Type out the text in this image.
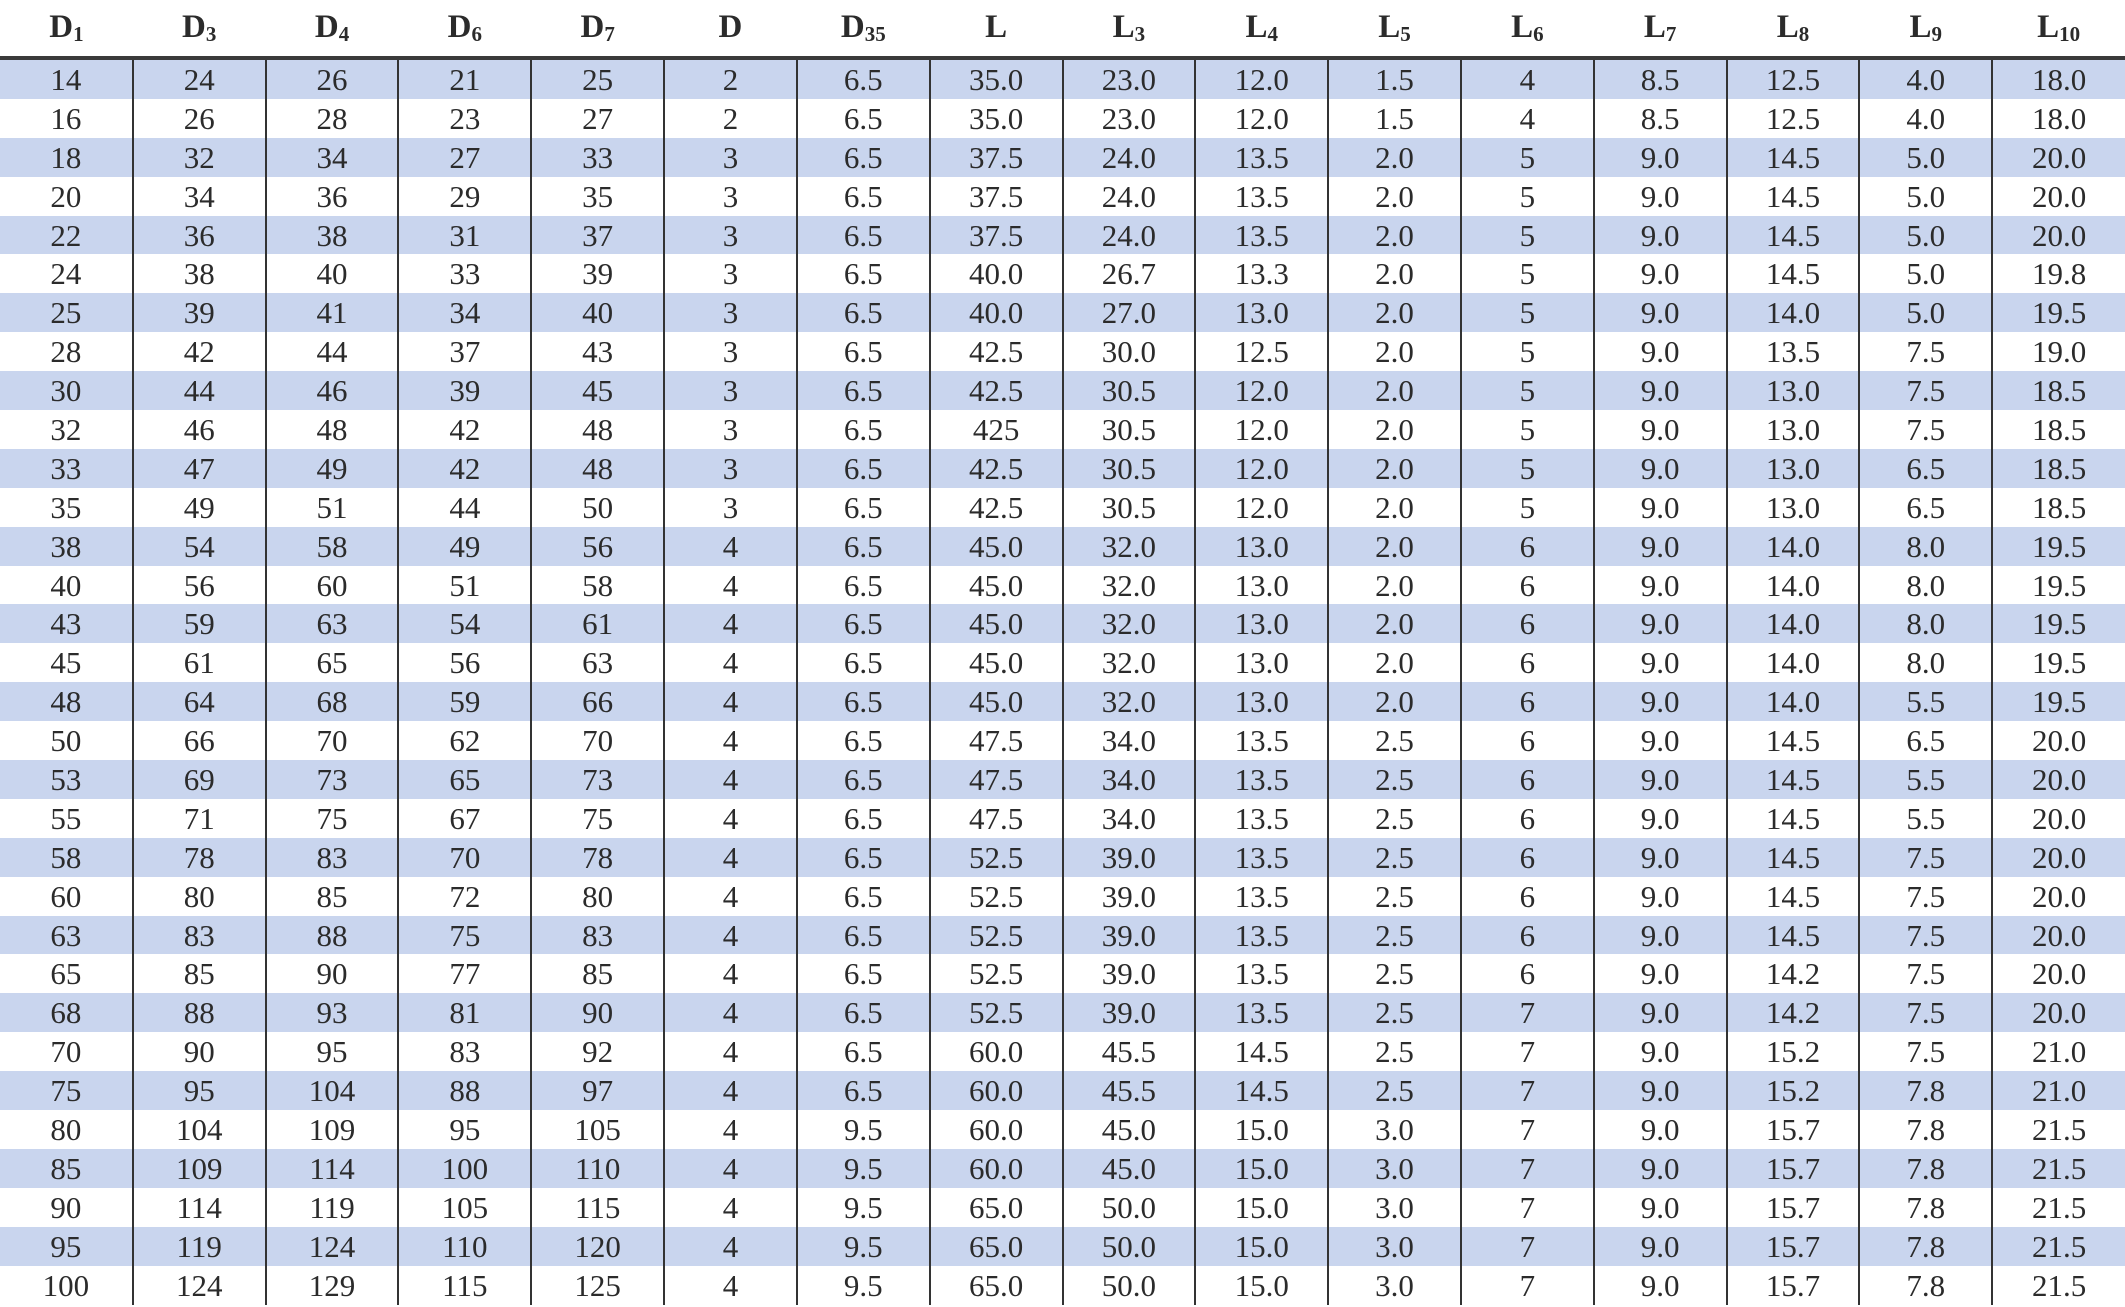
$D_1$	$D_3$	$D_4$	$D_6$	$D_7$	D	$D_{35}$	L	$L_3$	$L_4$	$L_5$	$L_6$	$L_7$	$L_8$	$L_9$	$L_{10}$
14	24	26	21	25	2	6.5	35.0	23.0	12.0	1.5	4	8.5	12.5	4.0	18.0
16	26	28	23	27	2	6.5	35.0	23.0	12.0	1.5	4	8.5	12.5	4.0	18.0
18	32	34	27	33	3	6.5	37.5	24.0	13.5	2.0	5	9.0	14.5	5.0	20.0
20	34	36	29	35	3	6.5	37.5	24.0	13.5	2.0	5	9.0	14.5	5.0	20.0
22	36	38	31	37	3	6.5	37.5	24.0	13.5	2.0	5	9.0	14.5	5.0	20.0
24	38	40	33	39	3	6.5	40.0	26.7	13.3	2.0	5	9.0	14.5	5.0	19.8
25	39	41	34	40	3	6.5	40.0	27.0	13.0	2.0	5	9.0	14.0	5.0	19.5
28	42	44	37	43	3	6.5	42.5	30.0	12.5	2.0	5	9.0	13.5	7.5	19.0
30	44	46	39	45	3	6.5	42.5	30.5	12.0	2.0	5	9.0	13.0	7.5	18.5
32	46	48	42	48	3	6.5	425	30.5	12.0	2.0	5	9.0	13.0	7.5	18.5
33	47	49	42	48	3	6.5	42.5	30.5	12.0	2.0	5	9.0	13.0	6.5	18.5
35	49	51	44	50	3	6.5	42.5	30.5	12.0	2.0	5	9.0	13.0	6.5	18.5
38	54	58	49	56	4	6.5	45.0	32.0	13.0	2.0	6	9.0	14.0	8.0	19.5
40	56	60	51	58	4	6.5	45.0	32.0	13.0	2.0	6	9.0	14.0	8.0	19.5
43	59	63	54	61	4	6.5	45.0	32.0	13.0	2.0	6	9.0	14.0	8.0	19.5
45	61	65	56	63	4	6.5	45.0	32.0	13.0	2.0	6	9.0	14.0	8.0	19.5
48	64	68	59	66	4	6.5	45.0	32.0	13.0	2.0	6	9.0	14.0	5.5	19.5
50	66	70	62	70	4	6.5	47.5	34.0	13.5	2.5	6	9.0	14.5	6.5	20.0
53	69	73	65	73	4	6.5	47.5	34.0	13.5	2.5	6	9.0	14.5	5.5	20.0
55	71	75	67	75	4	6.5	47.5	34.0	13.5	2.5	6	9.0	14.5	5.5	20.0
58	78	83	70	78	4	6.5	52.5	39.0	13.5	2.5	6	9.0	14.5	7.5	20.0
60	80	85	72	80	4	6.5	52.5	39.0	13.5	2.5	6	9.0	14.5	7.5	20.0
63	83	88	75	83	4	6.5	52.5	39.0	13.5	2.5	6	9.0	14.5	7.5	20.0
65	85	90	77	85	4	6.5	52.5	39.0	13.5	2.5	6	9.0	14.2	7.5	20.0
68	88	93	81	90	4	6.5	52.5	39.0	13.5	2.5	7	9.0	14.2	7.5	20.0
70	90	95	83	92	4	6.5	60.0	45.5	14.5	2.5	7	9.0	15.2	7.5	21.0
75	95	104	88	97	4	6.5	60.0	45.5	14.5	2.5	7	9.0	15.2	7.8	21.0
80	104	109	95	105	4	9.5	60.0	45.0	15.0	3.0	7	9.0	15.7	7.8	21.5
85	109	114	100	110	4	9.5	60.0	45.0	15.0	3.0	7	9.0	15.7	7.8	21.5
90	114	119	105	115	4	9.5	65.0	50.0	15.0	3.0	7	9.0	15.7	7.8	21.5
95	119	124	110	120	4	9.5	65.0	50.0	15.0	3.0	7	9.0	15.7	7.8	21.5
100	124	129	115	125	4	9.5	65.0	50.0	15.0	3.0	7	9.0	15.7	7.8	21.5
